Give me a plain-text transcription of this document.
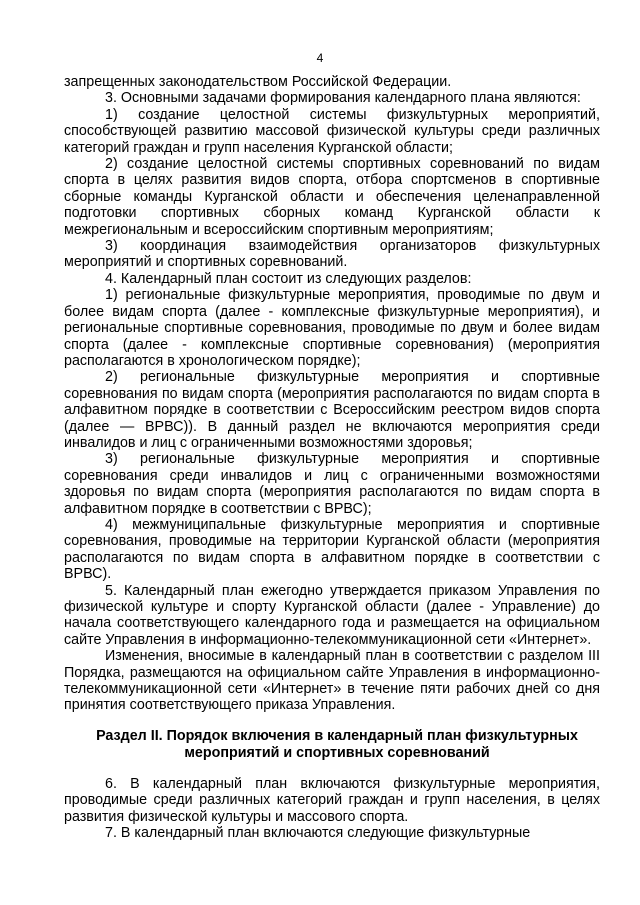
4

запрещенных законодательством Российской Федерации.

3. Основными задачами формирования календарного плана являются:

1) создание целостной системы физкультурных мероприятий, способствующей развитию массовой физической культуры среди различных категорий граждан и групп населения Курганской области;

2) создание целостной системы спортивных соревнований по видам спорта в целях развития видов спорта, отбора спортсменов в спортивные сборные команды Курганской области и обеспечения целенаправленной подготовки спортивных сборных команд Курганской области к межрегиональным и всероссийским спортивным мероприятиям;

3) координация взаимодействия организаторов физкультурных мероприятий и спортивных соревнований.

4. Календарный план состоит из следующих разделов:

1) региональные физкультурные мероприятия, проводимые по двум и более видам спорта (далее - комплексные физкультурные мероприятия), и региональные спортивные соревнования, проводимые по двум и более видам спорта (далее - комплексные спортивные соревнования) (мероприятия располагаются в хронологическом порядке);

2) региональные физкультурные мероприятия и спортивные соревнования по видам спорта (мероприятия располагаются по видам спорта в алфавитном порядке в соответствии с Всероссийским реестром видов спорта (далее — ВРВС)). В данный раздел не включаются мероприятия среди инвалидов и лиц с ограниченными возможностями здоровья;

3) региональные физкультурные мероприятия и спортивные соревнования среди инвалидов и лиц с ограниченными возможностями здоровья по видам спорта (мероприятия располагаются по видам спорта в алфавитном порядке в соответствии с ВРВС);

4) межмуниципальные физкультурные мероприятия и спортивные соревнования, проводимые на территории Курганской области (мероприятия располагаются по видам спорта в алфавитном порядке в соответствии с ВРВС).

5. Календарный план ежегодно утверждается приказом Управления по физической культуре и спорту Курганской области (далее - Управление) до начала соответствующего календарного года и размещается на официальном сайте Управления в информационно-телекоммуникационной сети «Интернет».

Изменения, вносимые в календарный план в соответствии с разделом III Порядка, размещаются на официальном сайте Управления в информационно-телекоммуникационной сети «Интернет» в течение пяти рабочих дней со дня принятия соответствующего приказа Управления.

Раздел II. Порядок включения в календарный план физкультурных мероприятий и спортивных соревнований

6. В календарный план включаются физкультурные мероприятия, проводимые среди различных категорий граждан и групп населения, в целях развития физической культуры и массового спорта.

7. В календарный план включаются следующие физкультурные
